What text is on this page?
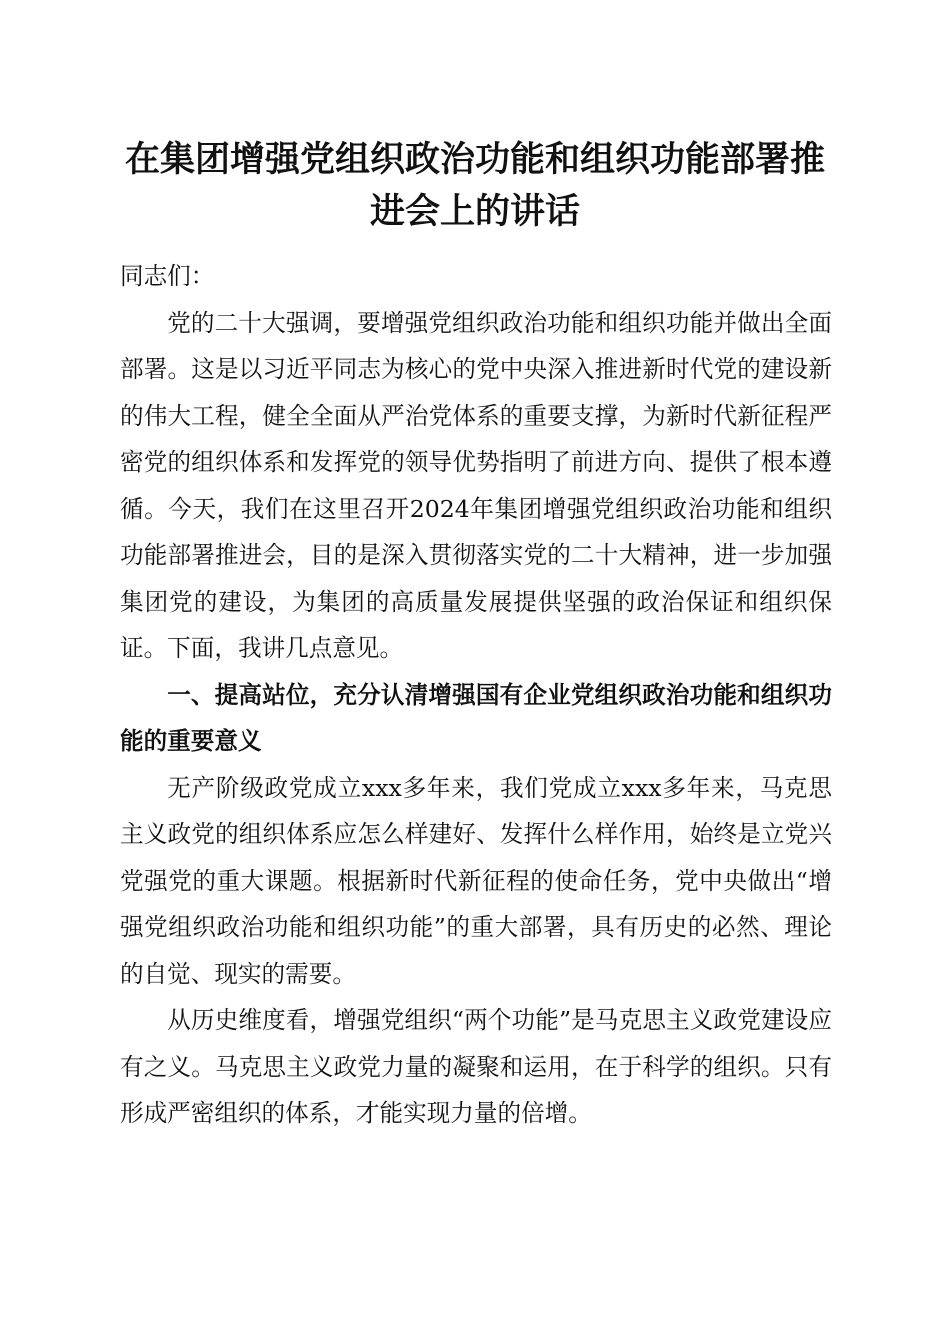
在集团增强党组织政治功能和组织功能部署推进会上的讲话

同志们：

党的二十大强调，要增强党组织政治功能和组织功能并做出全面部署。这是以习近平同志为核心的党中央深入推进新时代党的建设新的伟大工程，健全全面从严治党体系的重要支撑，为新时代新征程严密党的组织体系和发挥党的领导优势指明了前进方向、提供了根本遵循。今天，我们在这里召开2024年集团增强党组织政治功能和组织功能部署推进会，目的是深入贯彻落实党的二十大精神，进一步加强集团党的建设，为集团的高质量发展提供坚强的政治保证和组织保证。下面，我讲几点意见。

一、提高站位，充分认清增强国有企业党组织政治功能和组织功能的重要意义

无产阶级政党成立xxx多年来，我们党成立xxx多年来，马克思主义政党的组织体系应怎么样建好、发挥什么样作用，始终是立党兴党强党的重大课题。根据新时代新征程的使命任务，党中央做出“增强党组织政治功能和组织功能”的重大部署，具有历史的必然、理论的自觉、现实的需要。

从历史维度看，增强党组织“两个功能”是马克思主义政党建设应有之义。马克思主义政党力量的凝聚和运用，在于科学的组织。只有形成严密组织的体系，才能实现力量的倍增。
